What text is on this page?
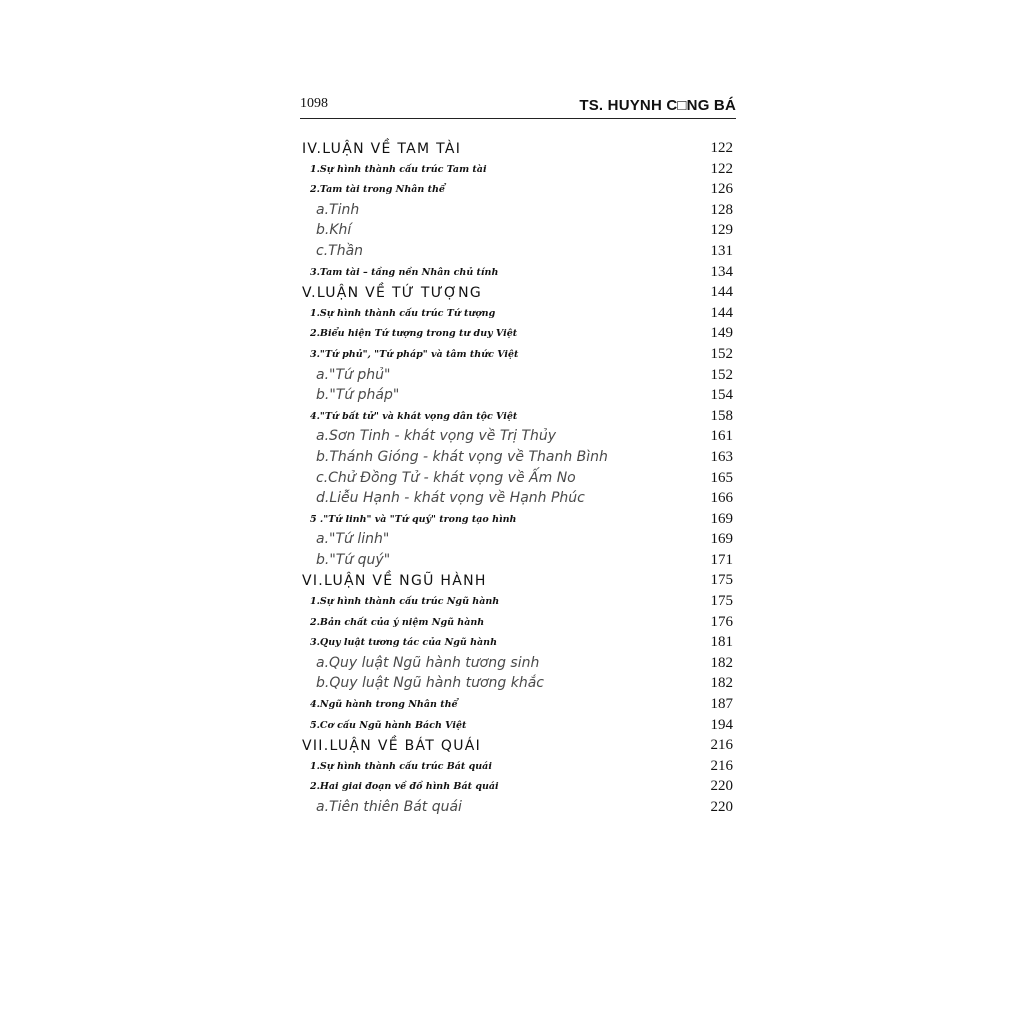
1098	TS. HUYNH C□NG BÁ
IV.LUẬN VỀ TAM TÀI	122
1.Sự hình thành cấu trúc Tam tài	122
2.Tam tài trong Nhân thể	126
a.Tinh	128
b.Khí	129
c.Thần	131
3.Tam tài – tầng nền Nhân chủ tính	134
V.LUẬN VỀ TỨ TƯỢNG	144
1.Sự hình thành cấu trúc Tứ tượng	144
2.Biểu hiện Tứ tượng trong tư duy Việt	149
3."Tứ phủ", "Tứ pháp" và tâm thức Việt	152
a."Tứ phủ"	152
b."Tứ pháp"	154
4."Tứ bất tử" và khát vọng dân tộc Việt	158
a.Sơn Tinh - khát vọng về Trị Thủy	161
b.Thánh Gióng - khát vọng về Thanh Bình	163
c.Chử Đồng Tử - khát vọng về Ấm No	165
d.Liễu Hạnh - khát vọng về Hạnh Phúc	166
5 ."Tứ linh" và "Tứ quý" trong tạo hình	169
a."Tứ linh"	169
b."Tứ quý"	171
VI.LUẬN VỀ NGŨ HÀNH	175
1.Sự hình thành cấu trúc Ngũ hành	175
2.Bản chất của ý niệm Ngũ hành	176
3.Quy luật tương tác của Ngũ hành	181
a.Quy luật Ngũ hành tương sinh	182
b.Quy luật Ngũ hành tương khắc	182
4.Ngũ hành trong Nhân thể	187
5.Cơ cấu Ngũ hành Bách Việt	194
VII.LUẬN VỀ BÁT QUÁI	216
1.Sự hình thành cấu trúc Bát quái	216
2.Hai giai đoạn về đồ hình Bát quái	220
a.Tiên thiên Bát quái	220
